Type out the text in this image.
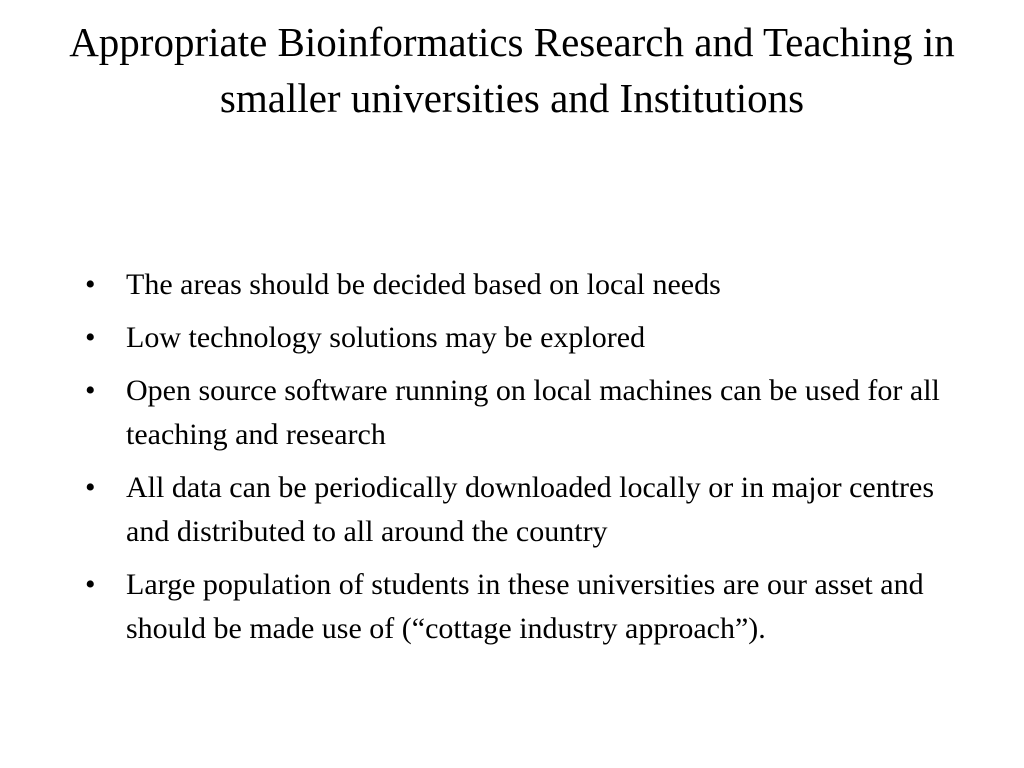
Appropriate Bioinformatics Research and Teaching in smaller universities and Institutions
•	The areas should be decided based on local needs
•	Low technology solutions may be explored
•	Open source software running on local machines can be used for all teaching and research
•	All data can be periodically downloaded locally or in major centres and distributed to all around the country
•	Large population of students in these universities are our asset and should be made use of (“cottage industry approach”).
